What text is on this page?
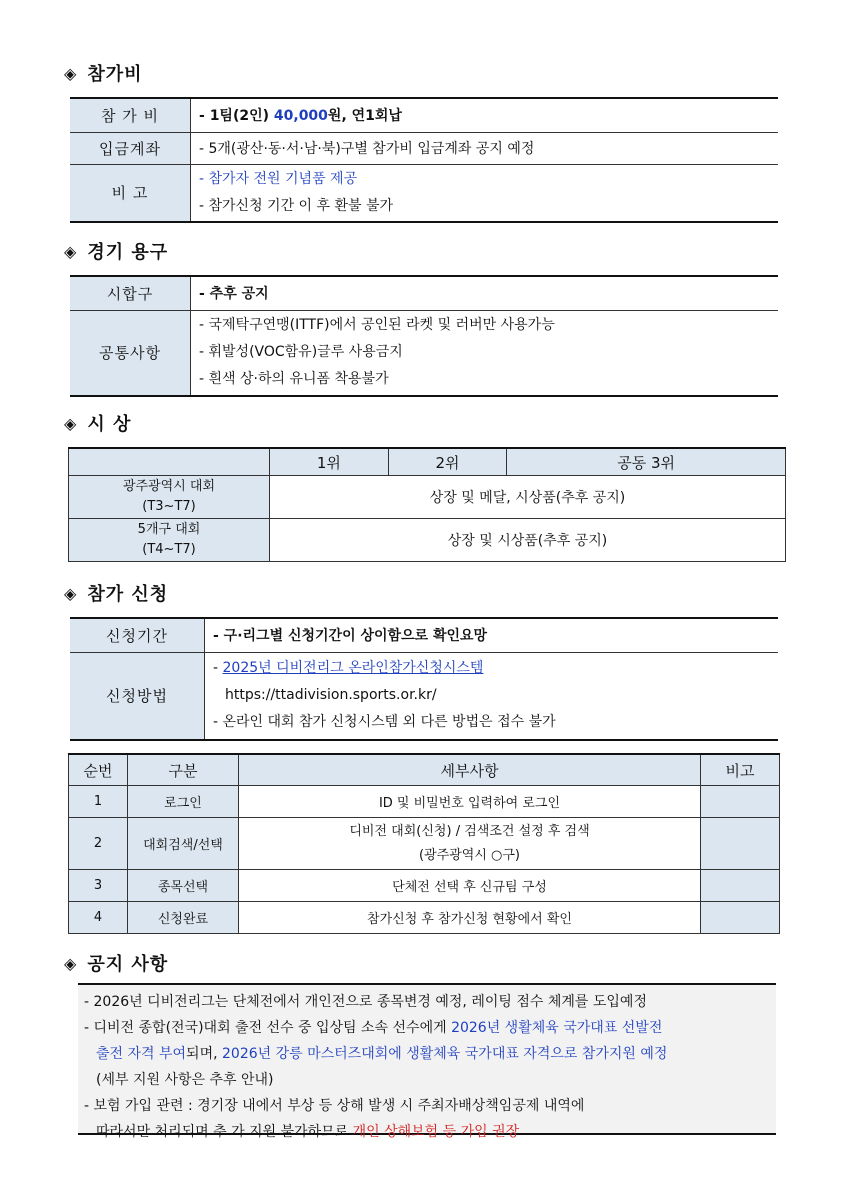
◈ 참가비
참 가 비	- 1팀(2인) 40,000원, 연1회납
입금계좌	- 5개(광산·동·서·남·북)구별 참가비 입금계좌 공지 예정
비 고	- 참가자 전원 기념품 제공
- 참가신청 기간 이 후 환불 불가
◈ 경기 용구
시합구	- 추후 공지
공통사항	- 국제탁구연맹(ITTF)에서 공인된 라켓 및 러버만 사용가능
- 휘발성(VOC함유)글루 사용금지
- 흰색 상·하의 유니폼 착용불가
◈ 시 상
	1위	2위	공동 3위

광주광역시 대회
(T3~T7)	상장 및 메달, 시상품(추후 공지)		

5개구 대회
(T4~T7)	상장 및 시상품(추후 공지)		
◈ 참가 신청
신청기간	- 구·리그별 신청기간이 상이함으로 확인요망
신청방법	- 2025년 디비전리그 온라인참가신청시스템
https://ttadivision.sports.or.kr/
- 온라인 대회 참가 신청시스템 외 다른 방법은 접수 불가
순번	구분	세부사항	비고
1	로그인	ID 및 비밀번호 입력하여 로그인	

2	대회검색/선택	디비전 대회(신청) / 검색조건 설정 후 검색
(광주광역시 ○구)	

3	종목선택	단체전 선택 후 신규팀 구성	

4	신청완료	참가신청 후 참가신청 현황에서 확인	

◈ 공지 사항
- 2026년 디비전리그는 단체전에서 개인전으로 종목변경 예정, 레이팅 점수 체계를 도입예정
- 디비전 종합(전국)대회 출전 선수 중 입상팀 소속 선수에게 2026년 생활체육 국가대표 선발전
출전 자격 부여되며, 2026년 강릉 마스터즈대회에 생활체육 국가대표 자격으로 참가지원 예정
(세부 지원 사항은 추후 안내)
- 보험 가입 관련 : 경기장 내에서 부상 등 상해 발생 시 주최자배상책임공제 내역에
따라서만 처리되며 추 가 지원 불가하므로 개인 상해보험 등 가입 권장
